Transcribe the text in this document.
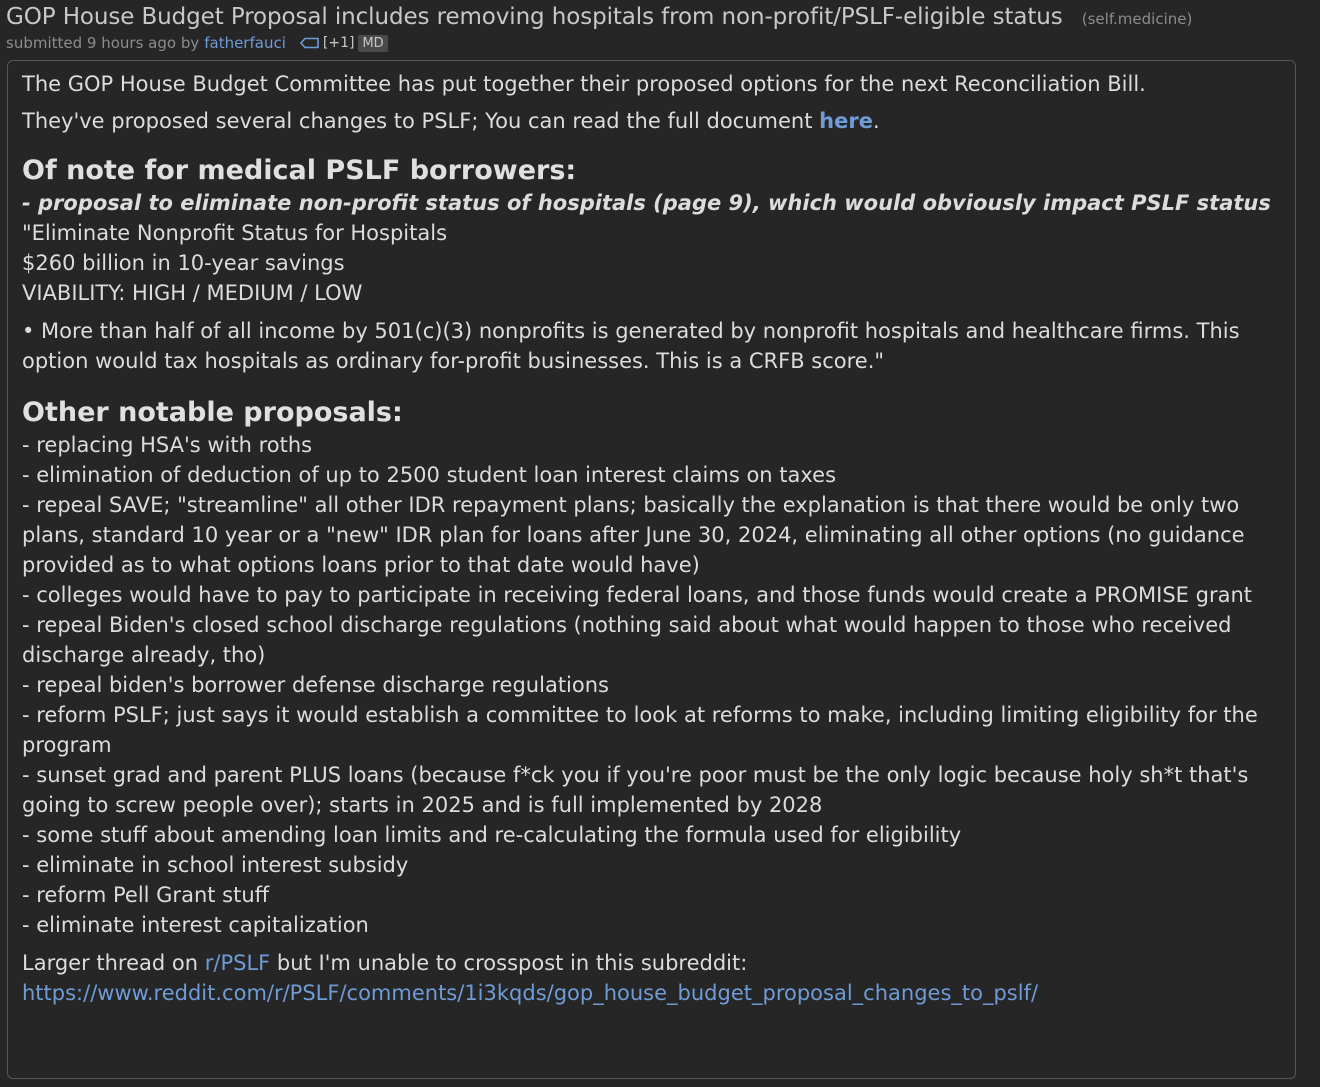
GOP House Budget Proposal includes removing hospitals from non-profit/PSLF-eligible status (self.medicine)
submitted 9 hours ago by fatherfauci	[+1] MD

The GOP House Budget Committee has put together their proposed options for the next Reconciliation Bill.

They've proposed several changes to PSLF; You can read the full document here.

Of note for medical PSLF borrowers:

- proposal to eliminate non-profit status of hospitals (page 9), which would obviously impact PSLF status

"Eliminate Nonprofit Status for Hospitals
$260 billion in 10-year savings
VIABILITY: HIGH / MEDIUM / LOW

• More than half of all income by 501(c)(3) nonprofits is generated by nonprofit hospitals and healthcare firms. This option would tax hospitals as ordinary for-profit businesses. This is a CRFB score."

Other notable proposals:

- replacing HSA's with roths
- elimination of deduction of up to 2500 student loan interest claims on taxes
- repeal SAVE; "streamline" all other IDR repayment plans; basically the explanation is that there would be only two plans, standard 10 year or a "new" IDR plan for loans after June 30, 2024, eliminating all other options (no guidance provided as to what options loans prior to that date would have)
- colleges would have to pay to participate in receiving federal loans, and those funds would create a PROMISE grant
- repeal Biden's closed school discharge regulations (nothing said about what would happen to those who received discharge already, tho)
- repeal biden's borrower defense discharge regulations
- reform PSLF; just says it would establish a committee to look at reforms to make, including limiting eligibility for the program
- sunset grad and parent PLUS loans (because f*ck you if you're poor must be the only logic because holy sh*t that's going to screw people over); starts in 2025 and is full implemented by 2028
- some stuff about amending loan limits and re-calculating the formula used for eligibility
- eliminate in school interest subsidy
- reform Pell Grant stuff
- eliminate interest capitalization

Larger thread on r/PSLF but I'm unable to crosspost in this subreddit:
https://www.reddit.com/r/PSLF/comments/1i3kqds/gop_house_budget_proposal_changes_to_pslf/
